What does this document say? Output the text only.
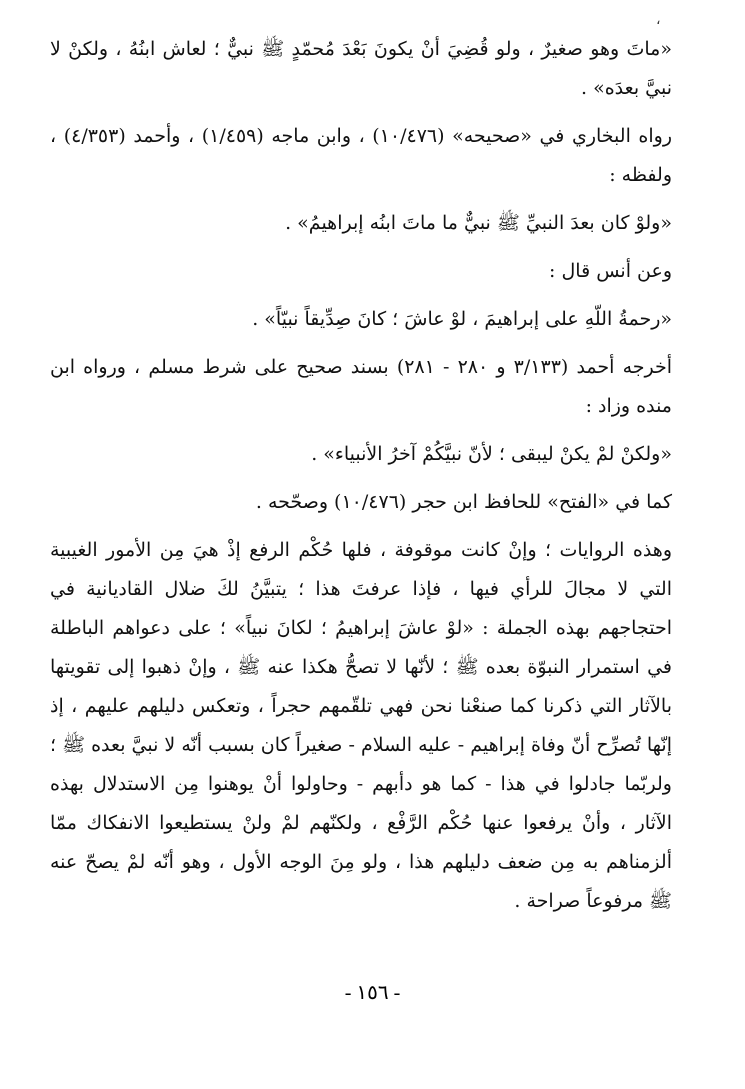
،

«ماتَ وهو صغيرٌ ، ولو قُضِيَ أنْ يكونَ بَعْدَ مُحمّدٍ ﷺ نبيٌّ ؛ لعاش ابنُهُ ، ولكنْ لا نبيَّ بعدَه» .

رواه البخاري في «صحيحه» (١٠/٤٧٦) ، وابن ماجه (١/٤٥٩) ، وأحمد (٤/٣٥٣) ، ولفظه :

«ولوْ كان بعدَ النبيِّ ﷺ نبيٌّ ما ماتَ ابنُه إبراهيمُ» .

وعن أنس قال :

«رحمةُ اللّهِ على إبراهيمَ ، لوْ عاشَ ؛ كانَ صِدِّيقاً نبيّاً» .

أخرجه أحمد (٣/١٣٣ و ٢٨٠ - ٢٨١) بسند صحيح على شرط مسلم ، ورواه ابن منده وزاد :

«ولكنْ لمْ يكنْ ليبقى ؛ لأنّ نبيَّكُمْ آخرُ الأنبياء» .

كما في «الفتح» للحافظ ابن حجر (١٠/٤٧٦) وصحّحه .

وهذه الروايات ؛ وإنْ كانت موقوفة ، فلها حُكْم الرفع إذْ هيَ مِن الأمور الغيبية التي لا مجالَ للرأي فيها ، فإذا عرفتَ هذا ؛ يتبيَّنُ لكَ ضلال القاديانية في احتجاجهم بهذه الجملة : «لوْ عاشَ إبراهيمُ ؛ لكانَ نبياً» ؛ على دعواهم الباطلة في استمرار النبوّة بعده ﷺ ؛ لأنّها لا تصحُّ هكذا عنه ﷺ ، وإنْ ذهبوا إلى تقويتها بالآثار التي ذكرنا كما صنعْنا نحن فهي تلقّمهم حجراً ، وتعكس دليلهم عليهم ، إذ إنّها تُصرِّح أنّ وفاة إبراهيم - عليه السلام - صغيراً كان بسبب أنّه لا نبيَّ بعده ﷺ ؛ ولربّما جادلوا في هذا - كما هو دأبهم - وحاولوا أنْ يوهنوا مِن الاستدلال بهذه الآثار ، وأنْ يرفعوا عنها حُكْم الرَّفْع ، ولكنّهم لمْ ولنْ يستطيعوا الانفكاك ممّا ألزمناهم به مِن ضعف دليلهم هذا ، ولو مِنَ الوجه الأول ، وهو أنّه لمْ يصحّ عنه ﷺ مرفوعاً صراحة .

- ١٥٦ -
